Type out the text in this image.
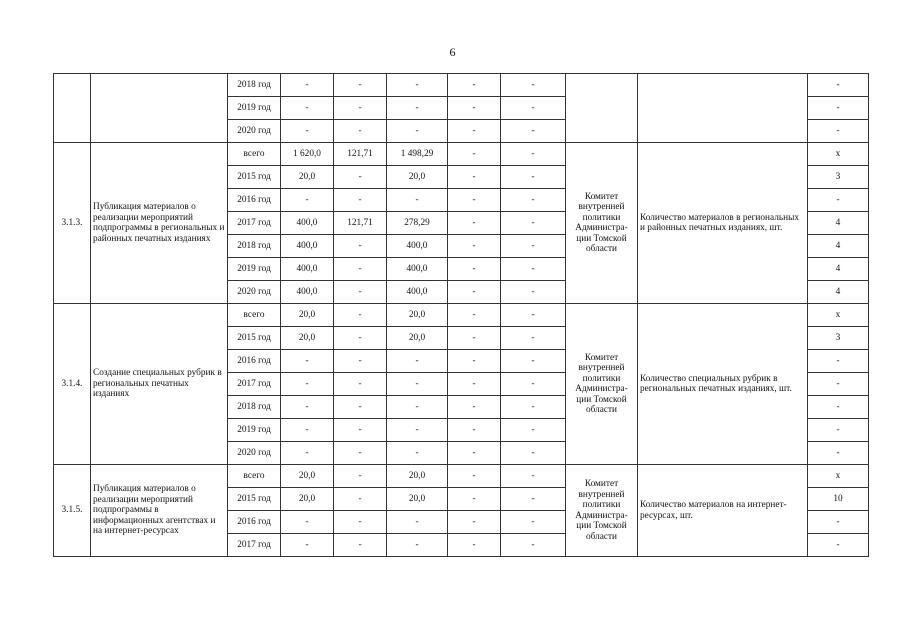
6
		2018 год	-	-	-	-	-			-
		2019 год	-	-	-	-	-			-
		2020 год	-	-	-	-	-			-
3.1.3.	Публикация материалов о реализации мероприятий подпрограммы в региональных и районных печатных изданиях	всего	1 620,0	121,71	1 498,29	-	-	Комитет внутренней политики Администра-ции Томской области	Количество материалов в региональных и районных печатных изданиях, шт.	х
		2015 год	20,0	-	20,0	-	-			3
		2016 год	-	-	-	-	-			-
		2017 год	400,0	121,71	278,29	-	-			4
		2018 год	400,0	-	400,0	-	-			4
		2019 год	400,0	-	400,0	-	-			4
		2020 год	400,0	-	400,0	-	-			4
3.1.4.	Создание специальных рубрик в региональных печатных изданиях	всего	20,0	-	20,0	-	-	Комитет внутренней политики Администра-ции Томской области	Количество специальных рубрик в региональных печатных изданиях, шт.	х
		2015 год	20,0	-	20,0	-	-			3
		2016 год	-	-	-	-	-			-
		2017 год	-	-	-	-	-			-
		2018 год	-	-	-	-	-			-
		2019 год	-	-	-	-	-			-
		2020 год	-	-	-	-	-			-
3.1.5.	Публикация материалов о реализации мероприятий подпрограммы в информационных агентствах и на интернет-ресурсах	всего	20,0	-	20,0	-	-	Комитет внутренней политики Администра-ции Томской области	Количество материалов на интернет-ресурсах, шт.	х
		2015 год	20,0	-	20,0	-	-			10
		2016 год	-	-	-	-	-			-
		2017 год	-	-	-	-	-			-
